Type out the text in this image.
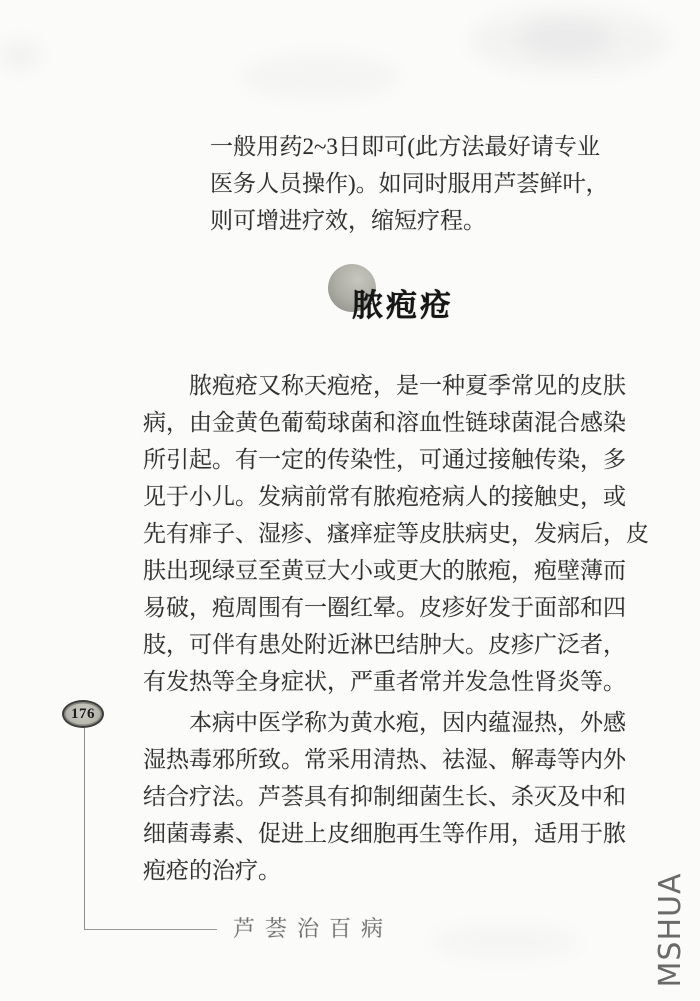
一般用药2~3日即可(此方法最好请专业
医务人员操作)。如同时服用芦荟鲜叶，
则可增进疗效，缩短疗程。
脓疱疮
脓疱疮又称天疱疮，是一种夏季常见的皮肤
病，由金黄色葡萄球菌和溶血性链球菌混合感染
所引起。有一定的传染性，可通过接触传染，多
见于小儿。发病前常有脓疱疮病人的接触史，或
先有痱子、湿疹、瘙痒症等皮肤病史，发病后，皮
肤出现绿豆至黄豆大小或更大的脓疱，疱壁薄而
易破，疱周围有一圈红晕。皮疹好发于面部和四
肢，可伴有患处附近淋巴结肿大。皮疹广泛者，
有发热等全身症状，严重者常并发急性肾炎等。
本病中医学称为黄水疱，因内蕴湿热，外感
湿热毒邪所致。常采用清热、祛湿、解毒等内外
结合疗法。芦荟具有抑制细菌生长、杀灭及中和
细菌毒素、促进上皮细胞再生等作用，适用于脓
疱疮的治疗。
176
芦荟治百病	MSHUA
